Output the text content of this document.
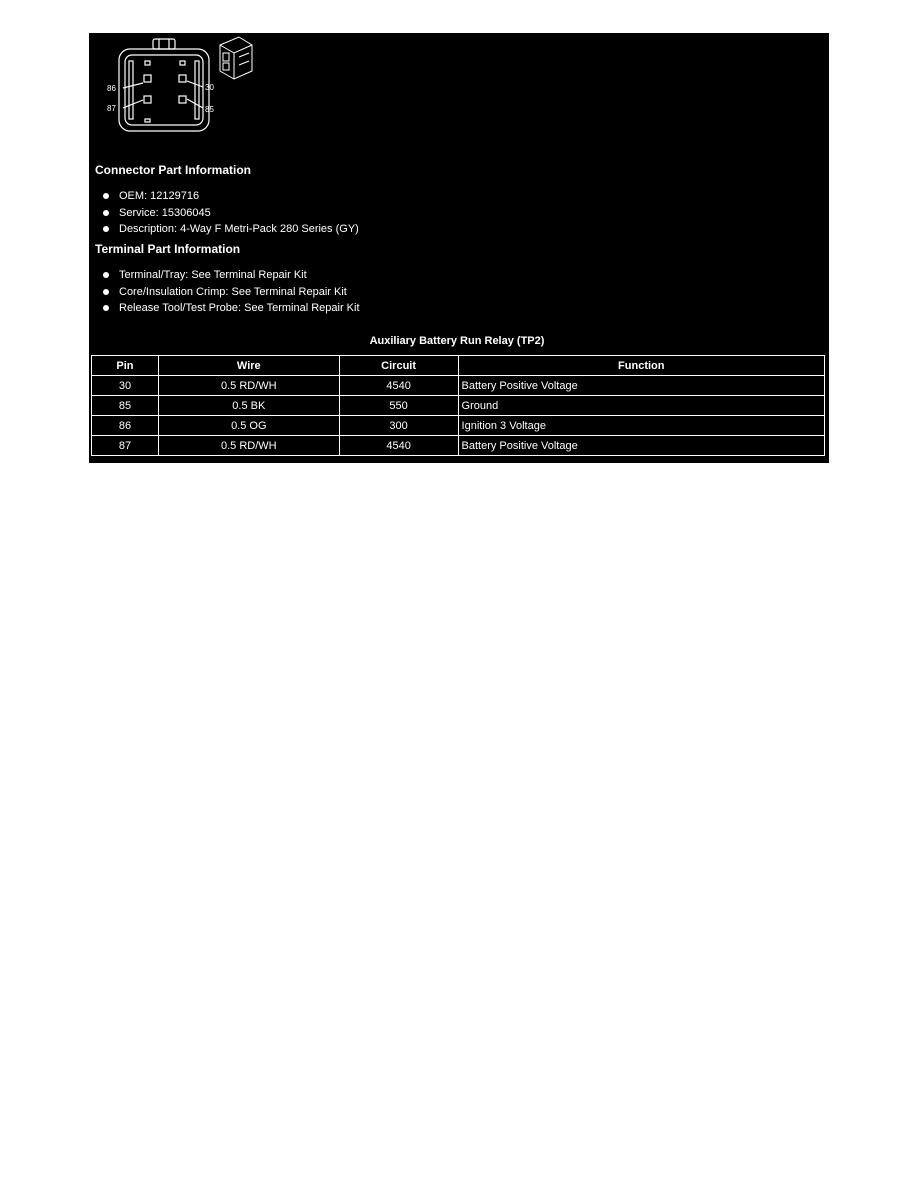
86
87
30
85
Connector Part Information
OEM: 12129716
Service: 15306045
Description: 4-Way F Metri-Pack 280 Series (GY)
Terminal Part Information
Terminal/Tray: See Terminal Repair Kit
Core/Insulation Crimp: See Terminal Repair Kit
Release Tool/Test Probe: See Terminal Repair Kit
Auxiliary Battery Run Relay (TP2)
Pin	Wire	Circuit	Function
30	0.5 RD/WH	4540	Battery Positive Voltage
85	0.5 BK	550	Ground
86	0.5 OG	300	Ignition 3 Voltage
87	0.5 RD/WH	4540	Battery Positive Voltage
